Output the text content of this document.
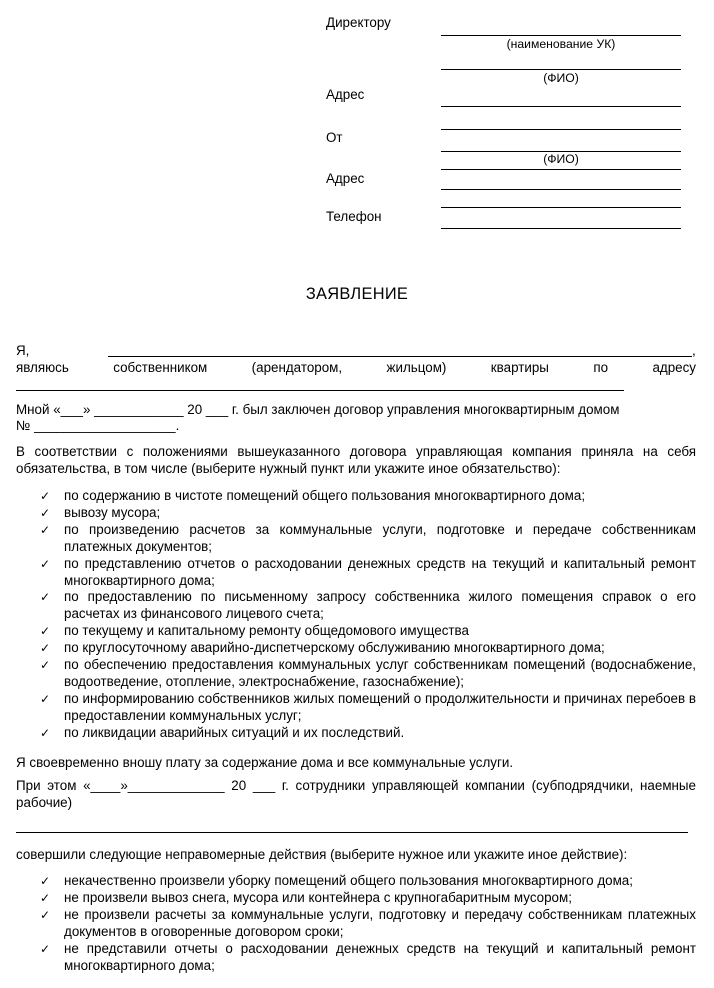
Директору
(наименование УК)
(ФИО)
Адрес
От
(ФИО)
Адрес
Телефон
ЗАЯВЛЕНИЕ
Я,	,
являюсь	собственником	(арендатором,	жильцом)	квартиры	по	адресу
Мной «___» ____________ 20 ___ г. был заключен договор управления многоквартирным домом
№ ___________________.
В соответствии с положениями вышеуказанного договора управляющая компания приняла на себя обязательства, в том числе (выберите нужный пункт или укажите иное обязательство):
✓ по содержанию в чистоте помещений общего пользования многоквартирного дома;
✓ вывозу мусора;
✓ по произведению расчетов за коммунальные услуги, подготовке и передаче собственникам платежных документов;
✓ по представлению отчетов о расходовании денежных средств на текущий и капитальный ремонт многоквартирного дома;
✓ по предоставлению по письменному запросу собственника жилого помещения справок о его расчетах из финансового лицевого счета;
✓ по текущему и капитальному ремонту общедомового имущества
✓ по круглосуточному аварийно-диспетчерскому обслуживанию многоквартирного дома;
✓ по обеспечению предоставления коммунальных услуг собственникам помещений (водоснабжение, водоотведение, отопление, электроснабжение, газоснабжение);
✓ по информированию собственников жилых помещений о продолжительности и причинах перебоев в предоставлении коммунальных услуг;
✓ по ликвидации аварийных ситуаций и их последствий.
Я своевременно вношу плату за содержание дома и все коммунальные услуги.
При этом «____»_____________ 20 ___ г. сотрудники управляющей компании (субподрядчики, наемные рабочие)
совершили следующие неправомерные действия (выберите нужное или укажите иное действие):
✓ некачественно произвели уборку помещений общего пользования многоквартирного дома;
✓ не произвели вывоз снега, мусора или контейнера с крупногабаритным мусором;
✓ не произвели расчеты за коммунальные услуги, подготовку и передачу собственникам платежных документов в оговоренные договором сроки;
✓ не представили отчеты о расходовании денежных средств на текущий и капитальный ремонт многоквартирного дома;
